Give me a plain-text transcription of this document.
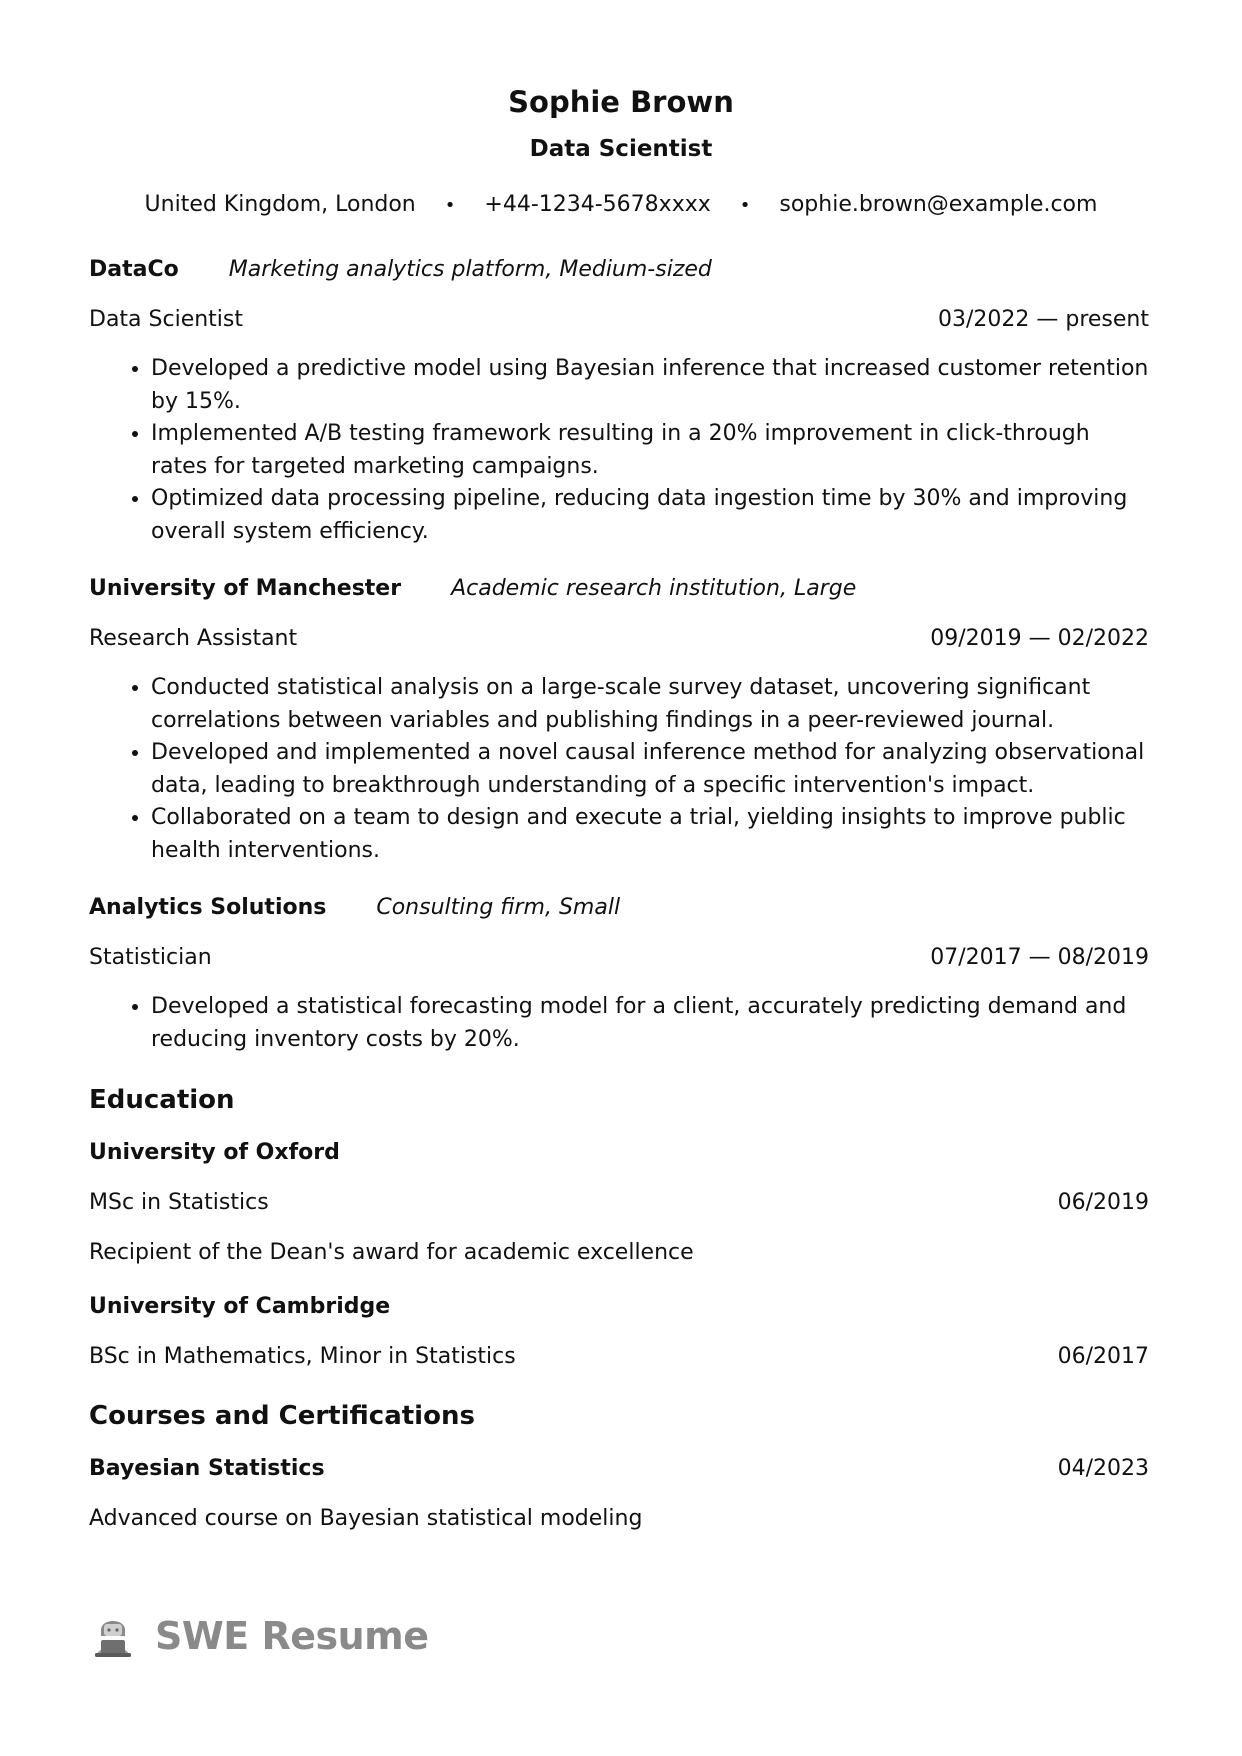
Sophie Brown
Data Scientist
United Kingdom, London • +44-1234-5678xxxx • sophie.brown@example.com
DataCo Marketing analytics platform, Medium-sized
Data Scientist	03/2022 — present
• Developed a predictive model using Bayesian inference that increased customer retention by 15%.
• Implemented A/B testing framework resulting in a 20% improvement in click-through rates for targeted marketing campaigns.
• Optimized data processing pipeline, reducing data ingestion time by 30% and improving overall system efficiency.
University of Manchester Academic research institution, Large
Research Assistant	09/2019 — 02/2022
• Conducted statistical analysis on a large-scale survey dataset, uncovering significant correlations between variables and publishing findings in a peer-reviewed journal.
• Developed and implemented a novel causal inference method for analyzing observational data, leading to breakthrough understanding of a specific intervention's impact.
• Collaborated on a team to design and execute a trial, yielding insights to improve public health interventions.
Analytics Solutions Consulting firm, Small
Statistician	07/2017 — 08/2019
• Developed a statistical forecasting model for a client, accurately predicting demand and reducing inventory costs by 20%.
Education
University of Oxford
MSc in Statistics	06/2019
Recipient of the Dean's award for academic excellence
University of Cambridge
BSc in Mathematics, Minor in Statistics	06/2017
Courses and Certifications
Bayesian Statistics	04/2023
Advanced course on Bayesian statistical modeling
SWE Resume
